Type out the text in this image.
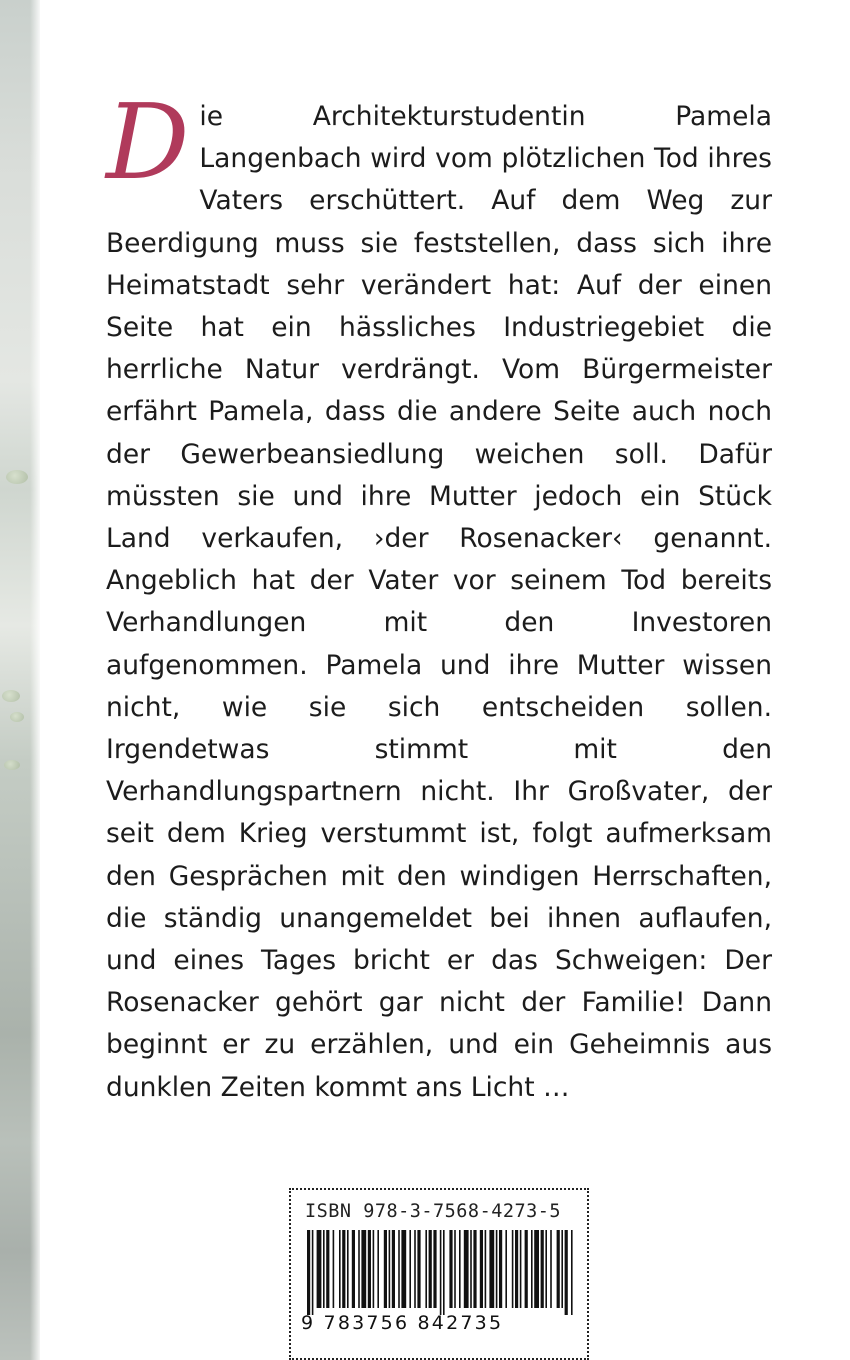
Die Architekturstudentin Pamela Langenbach wird vom plötzlichen Tod ihres Vaters erschüttert. Auf dem Weg zur Beerdigung muss sie feststellen, dass sich ihre Heimatstadt sehr verändert hat: Auf der einen Seite hat ein hässliches Industriegebiet die herrliche Natur verdrängt. Vom Bürgermeister erfährt Pamela, dass die andere Seite auch noch der Gewerbeansiedlung weichen soll. Dafür müssten sie und ihre Mutter jedoch ein Stück Land verkaufen, ›der Rosenacker‹ genannt. Angeblich hat der Vater vor seinem Tod bereits Verhandlungen mit den Investoren aufgenommen. Pamela und ihre Mutter wissen nicht, wie sie sich entscheiden sollen. Irgendetwas stimmt mit den Verhandlungspartnern nicht. Ihr Großvater, der seit dem Krieg verstummt ist, folgt aufmerksam den Gesprächen mit den windigen Herrschaften, die ständig unangemeldet bei ihnen auflaufen, und eines Tages bricht er das Schweigen: Der Rosenacker gehört gar nicht der Familie! Dann beginnt er zu erzählen, und ein Geheimnis aus dunklen Zeiten kommt ans Licht …

ISBN 978-3-7568-4273-5
9 783756 842735
